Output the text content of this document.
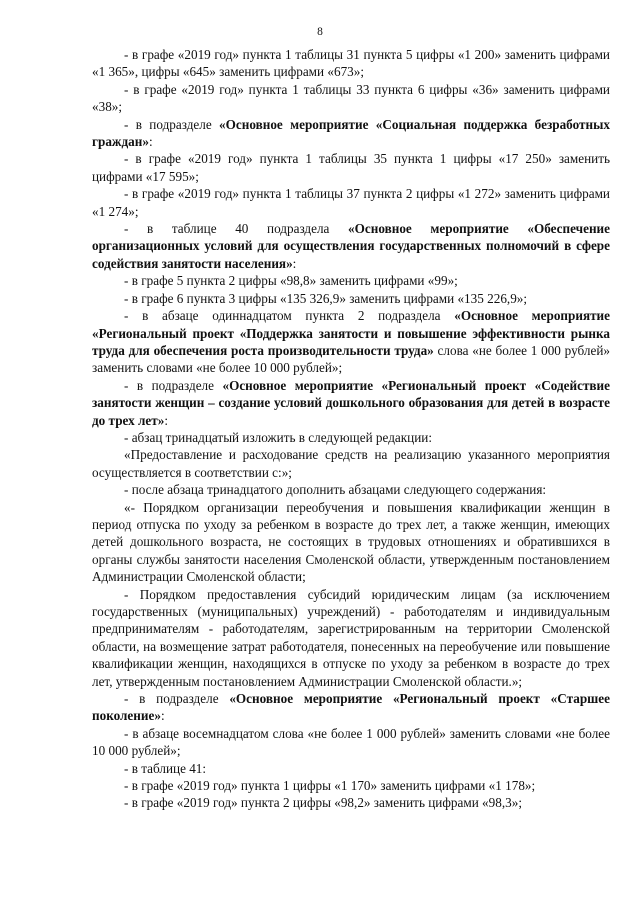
8

- в графе «2019 год» пункта 1 таблицы 31 пункта 5 цифры «1 200» заменить цифрами «1 365», цифры «645» заменить цифрами «673»;

- в графе «2019 год» пункта 1 таблицы 33 пункта 6 цифры «36» заменить цифрами «38»;

- в подразделе «Основное мероприятие «Социальная поддержка безработных граждан»:

- в графе «2019 год» пункта 1 таблицы 35 пункта 1 цифры «17 250» заменить цифрами «17 595»;

- в графе «2019 год» пункта 1 таблицы 37 пункта 2 цифры «1 272» заменить цифрами «1 274»;

- в таблице 40 подраздела «Основное мероприятие «Обеспечение организационных условий для осуществления государственных полномочий в сфере содействия занятости населения»:

- в графе 5 пункта 2 цифры «98,8» заменить цифрами «99»;

- в графе 6 пункта 3 цифры «135 326,9» заменить цифрами «135 226,9»;

- в абзаце одиннадцатом пункта 2 подраздела «Основное мероприятие «Региональный проект «Поддержка занятости и повышение эффективности рынка труда для обеспечения роста производительности труда» слова «не более 1 000 рублей» заменить словами «не более 10 000 рублей»;

- в подразделе «Основное мероприятие «Региональный проект «Содействие занятости женщин – создание условий дошкольного образования для детей в возрасте до трех лет»:

- абзац тринадцатый изложить в следующей редакции:

«Предоставление и расходование средств на реализацию указанного мероприятия осуществляется в соответствии с:»;

- после абзаца тринадцатого дополнить абзацами следующего содержания:

«- Порядком организации переобучения и повышения квалификации женщин в период отпуска по уходу за ребенком в возрасте до трех лет, а также женщин, имеющих детей дошкольного возраста, не состоящих в трудовых отношениях и обратившихся в органы службы занятости населения Смоленской области, утвержденным постановлением Администрации Смоленской области;

- Порядком предоставления субсидий юридическим лицам (за исключением государственных (муниципальных) учреждений) - работодателям и индивидуальным предпринимателям - работодателям, зарегистрированным на территории Смоленской области, на возмещение затрат работодателя, понесенных на переобучение или повышение квалификации женщин, находящихся в отпуске по уходу за ребенком в возрасте до трех лет, утвержденным постановлением Администрации Смоленской области.»;

- в подразделе «Основное мероприятие «Региональный проект «Старшее поколение»:

- в абзаце восемнадцатом слова «не более 1 000 рублей» заменить словами «не более 10 000 рублей»;

- в таблице 41:

- в графе «2019 год» пункта 1 цифры «1 170» заменить цифрами «1 178»;

- в графе «2019 год» пункта 2 цифры «98,2» заменить цифрами «98,3»;
